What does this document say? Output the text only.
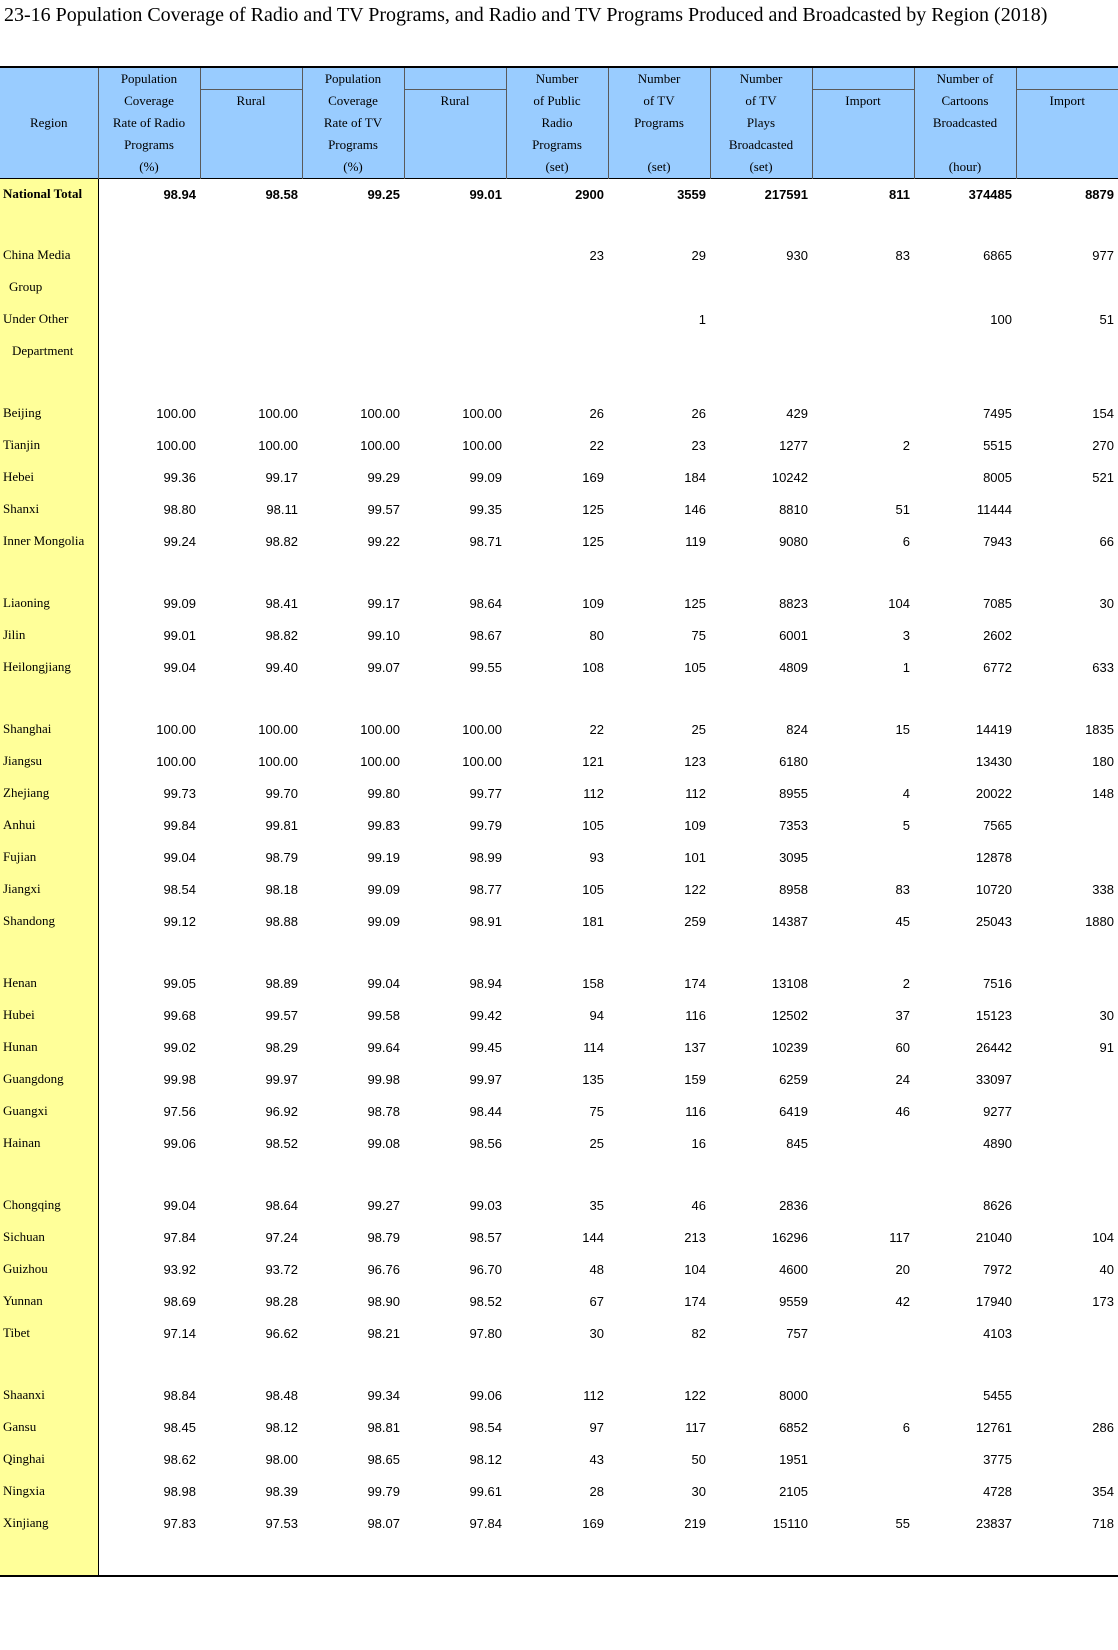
23-16 Population Coverage of Radio and TV Programs, and Radio and TV Programs Produced and Broadcasted by Region (2018)
Region	Population
Coverage
Rate of Radio
Programs
(%)	Rural	Population
Coverage
Rate of TV
Programs
(%)	Rural	Number
of Public
Radio
Programs
(set)	Number
of TV
Programs
(set)	Number
of TV
Plays
Broadcasted
(set)	Import	Number of
Cartoons
Broadcasted
(hour)	Import

National Total	98.94	98.58	99.25	99.01	2900	3559	217591	811	374485	8879

China Media					23	29	930	83	6865	977
Group										
Under Other						1			100	51
Department										

Beijing	100.00	100.00	100.00	100.00	26	26	429		7495	154
Tianjin	100.00	100.00	100.00	100.00	22	23	1277	2	5515	270
Hebei	99.36	99.17	99.29	99.09	169	184	10242		8005	521
Shanxi	98.80	98.11	99.57	99.35	125	146	8810	51	11444	
Inner Mongolia	99.24	98.82	99.22	98.71	125	119	9080	6	7943	66

Liaoning	99.09	98.41	99.17	98.64	109	125	8823	104	7085	30
Jilin	99.01	98.82	99.10	98.67	80	75	6001	3	2602	
Heilongjiang	99.04	99.40	99.07	99.55	108	105	4809	1	6772	633

Shanghai	100.00	100.00	100.00	100.00	22	25	824	15	14419	1835
Jiangsu	100.00	100.00	100.00	100.00	121	123	6180		13430	180
Zhejiang	99.73	99.70	99.80	99.77	112	112	8955	4	20022	148
Anhui	99.84	99.81	99.83	99.79	105	109	7353	5	7565	
Fujian	99.04	98.79	99.19	98.99	93	101	3095		12878	
Jiangxi	98.54	98.18	99.09	98.77	105	122	8958	83	10720	338
Shandong	99.12	98.88	99.09	98.91	181	259	14387	45	25043	1880

Henan	99.05	98.89	99.04	98.94	158	174	13108	2	7516	
Hubei	99.68	99.57	99.58	99.42	94	116	12502	37	15123	30
Hunan	99.02	98.29	99.64	99.45	114	137	10239	60	26442	91
Guangdong	99.98	99.97	99.98	99.97	135	159	6259	24	33097	
Guangxi	97.56	96.92	98.78	98.44	75	116	6419	46	9277	
Hainan	99.06	98.52	99.08	98.56	25	16	845		4890	

Chongqing	99.04	98.64	99.27	99.03	35	46	2836		8626	
Sichuan	97.84	97.24	98.79	98.57	144	213	16296	117	21040	104
Guizhou	93.92	93.72	96.76	96.70	48	104	4600	20	7972	40
Yunnan	98.69	98.28	98.90	98.52	67	174	9559	42	17940	173
Tibet	97.14	96.62	98.21	97.80	30	82	757		4103	

Shaanxi	98.84	98.48	99.34	99.06	112	122	8000		5455	
Gansu	98.45	98.12	98.81	98.54	97	117	6852	6	12761	286
Qinghai	98.62	98.00	98.65	98.12	43	50	1951		3775	
Ningxia	98.98	98.39	99.79	99.61	28	30	2105		4728	354
Xinjiang	97.83	97.53	98.07	97.84	169	219	15110	55	23837	718
